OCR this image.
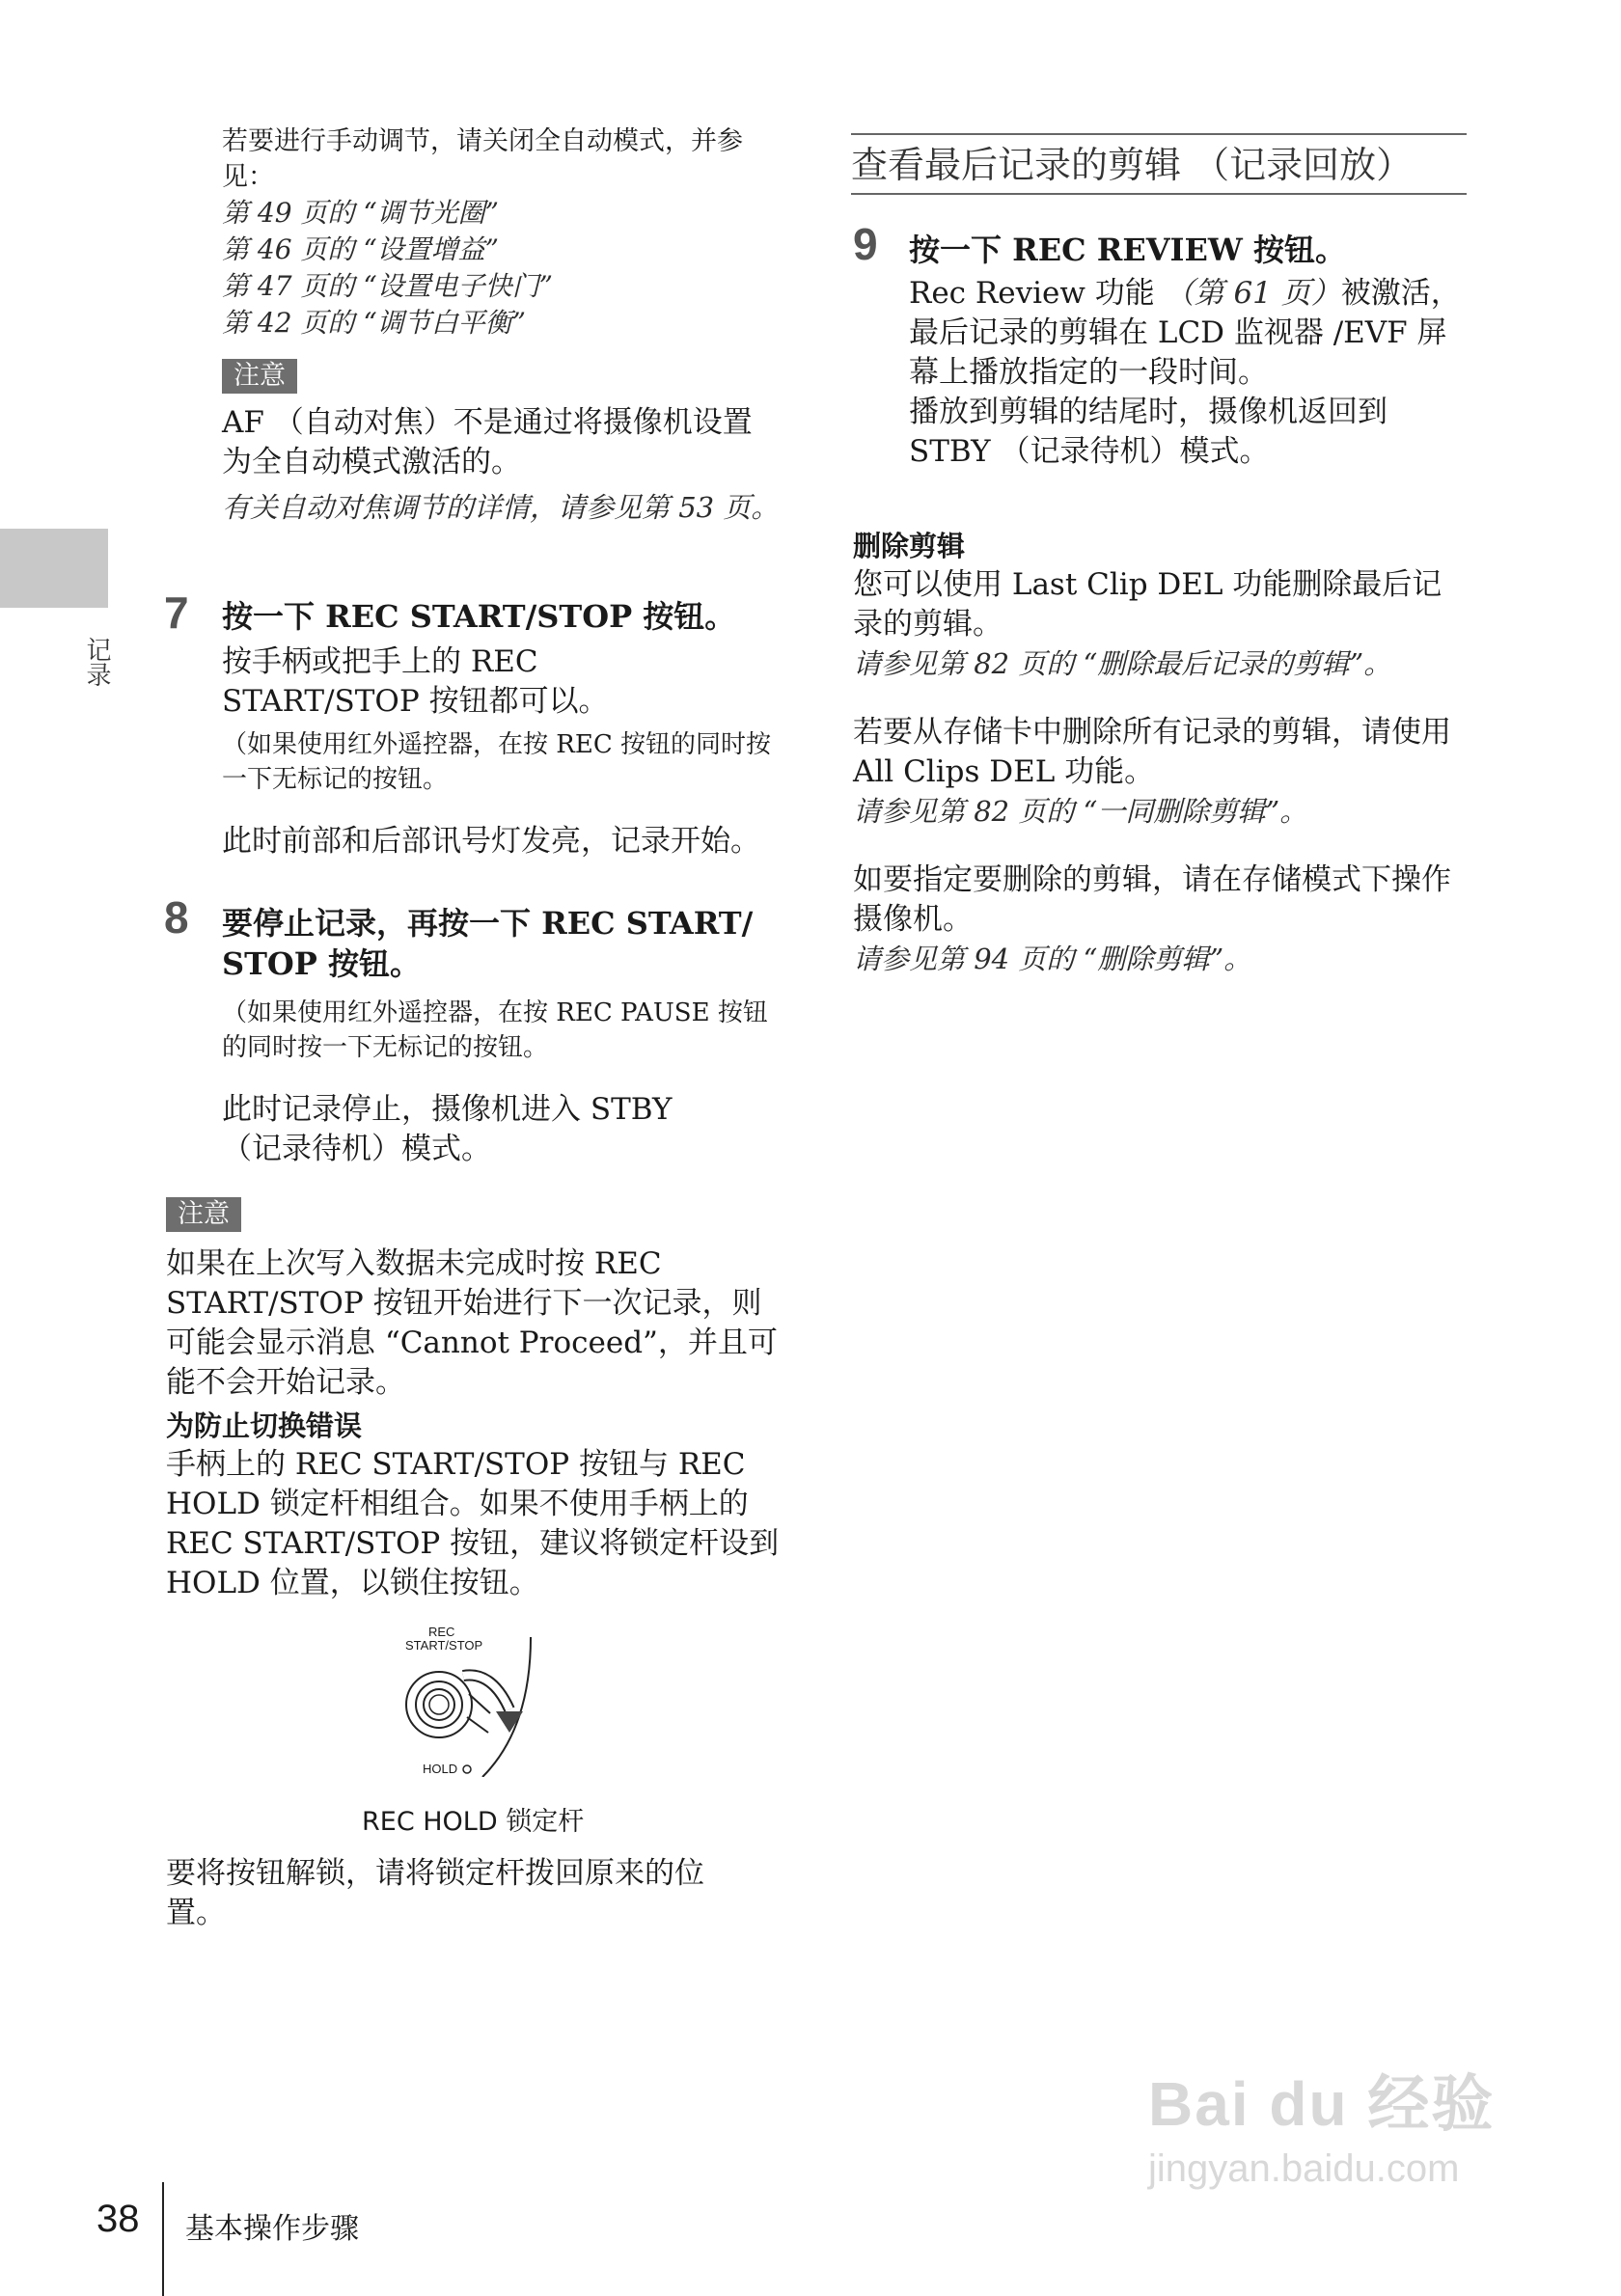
记录

若要进行手动调节，请关闭全自动模式，并参见：

第 49 页的 “调节光圈”

第 46 页的 “设置增益”

第 47 页的 “设置电子快门”

第 42 页的 “调节白平衡”

注意

AF （自动对焦）不是通过将摄像机设置为全自动模式激活的。

有关自动对焦调节的详情，请参见第 53 页。

7 按一下 REC START/STOP 按钮。

按手柄或把手上的 REC START/STOP 按钮都可以。

（如果使用红外遥控器，在按 REC 按钮的同时按一下无标记的按钮。

此时前部和后部讯号灯发亮，记录开始。

8 要停止记录，再按一下 REC START/

STOP 按钮。

（如果使用红外遥控器，在按 REC PAUSE 按钮的同时按一下无标记的按钮。

此时记录停止，摄像机进入 STBY （记录待机）模式。

注意

如果在上次写入数据未完成时按 REC START/STOP 按钮开始进行下一次记录，则可能会显示消息 “Cannot Proceed”，并且可能不会开始记录。

为防止切换错误

手柄上的 REC START/STOP 按钮与 REC HOLD 锁定杆相组合。如果不使用手柄上的 REC START/STOP 按钮，建议将锁定杆设到 HOLD 位置，以锁住按钮。

REC
START/STOP
HOLD
REC HOLD 锁定杆

要将按钮解锁，请将锁定杆拨回原来的位置。

查看最后记录的剪辑 （记录回放）
9 按一下 REC REVIEW 按钮。

Rec Review 功能 （第 61 页）被激活，最后记录的剪辑在 LCD 监视器 /EVF 屏幕上播放指定的一段时间。

播放到剪辑的结尾时，摄像机返回到 STBY （记录待机）模式。

删除剪辑

您可以使用 Last Clip DEL 功能删除最后记录的剪辑。

请参见第 82 页的 “删除最后记录的剪辑”。

若要从存储卡中删除所有记录的剪辑，请使用 All Clips DEL 功能。

请参见第 82 页的 “一同删除剪辑”。

如要指定要删除的剪辑，请在存储模式下操作摄像机。

请参见第 94 页的 “删除剪辑”。

38 基本操作步骤
Bai du 经验
jingyan.baidu.com
